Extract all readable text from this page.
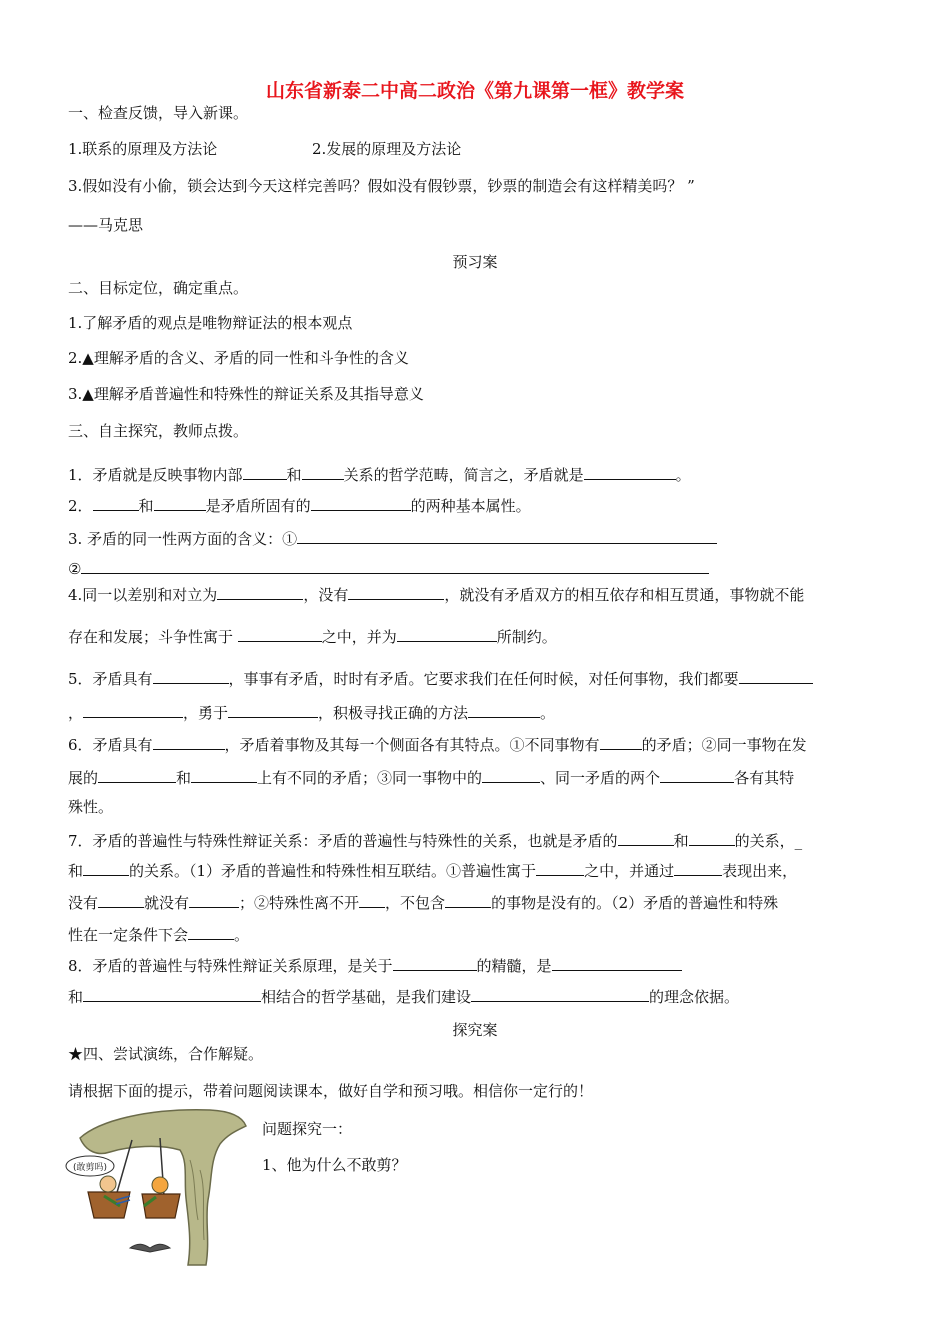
山东省新泰二中高二政治《第九课第一框》教学案
一、检查反馈，导入新课。
1.联系的原理及方法论	2.发展的原理及方法论
3.假如没有小偷，锁会达到今天这样完善吗？假如没有假钞票，钞票的制造会有这样精美吗？ ”
——马克思
预习案
二、目标定位，确定重点。
1.了解矛盾的观点是唯物辩证法的根本观点
2.▲理解矛盾的含义、矛盾的同一性和斗争性的含义
3.▲理解矛盾普遍性和特殊性的辩证关系及其指导意义
三、自主探究，教师点拨。
1．矛盾就是反映事物内部	和	关系的哲学范畴，简言之，矛盾就是	。
2．	和	是矛盾所固有的	的两种基本属性。
3. 矛盾的同一性两方面的含义：①
②
4.同一以差别和对立为	，没有	，就没有矛盾双方的相互依存和相互贯通，事物就不能
存在和发展；斗争性寓于	之中，并为	所制约。
5．矛盾具有	，事事有矛盾，时时有矛盾。它要求我们在任何时候，对任何事物，我们都要
，	，勇于	，积极寻找正确的方法	。
6．矛盾具有	，矛盾着事物及其每一个侧面各有其特点。①不同事物有	的矛盾；②同一事物在发
展的	和	上有不同的矛盾；③同一事物中的	、同一矛盾的两个	各有其特
殊性。
7．矛盾的普遍性与特殊性辩证关系：矛盾的普遍性与特殊性的关系，也就是矛盾的	和	的关系，_
和	的关系。（1）矛盾的普遍性和特殊性相互联结。①普遍性寓于	之中，并通过	表现出来，
没有	就没有	；②特殊性离不开 ，不包含	的事物是没有的。（2）矛盾的普遍性和特殊
性在一定条件下会	。
8．矛盾的普遍性与特殊性辩证关系原理，是关于	的精髓，是
和	相结合的哲学基础，是我们建设	的理念依据。
探究案
★四、尝试演练，合作解疑。
请根据下面的提示，带着问题阅读课本，做好自学和预习哦。相信你一定行的！
问题探究一：
1、他为什么不敢剪？
(敢剪吗)
